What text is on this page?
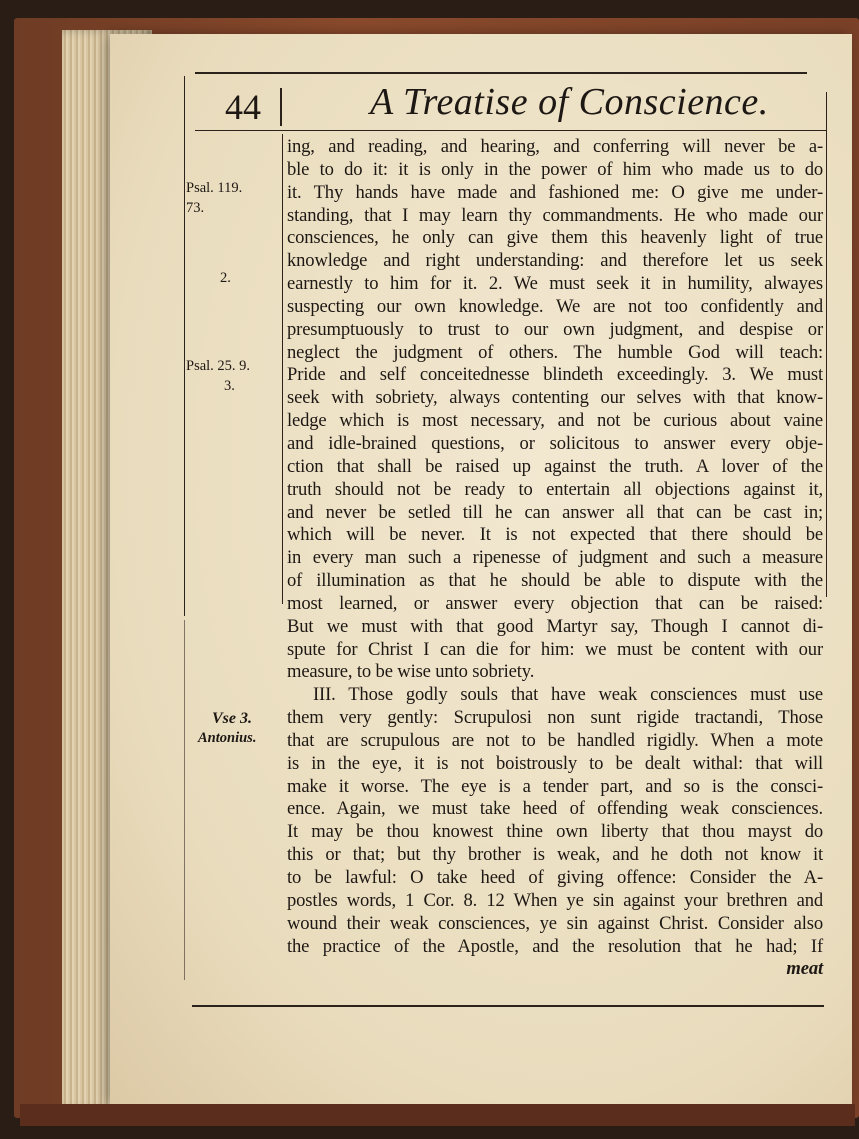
44	A Treatise of Conscience.
Psal. 119.
73.
2.
Psal. 25. 9.
3.
Vse 3.
Antonius.
ing, and reading, and hearing, and conferring will never be a-
ble to do it: it is only in the power of him who made us to do
it. Thy hands have made and fashioned me: O give me under-
standing, that I may learn thy commandments. He who made our
consciences, he only can give them this heavenly light of true
knowledge and right understanding: and therefore let us seek
earnestly to him for it. 2. We must seek it in humility, alwayes
suspecting our own knowledge. We are not too confidently and
presumptuously to trust to our own judgment, and despise or
neglect the judgment of others. The humble God will teach:
Pride and self conceitednesse blindeth exceedingly. 3. We must
seek with sobriety, always contenting our selves with that know-
ledge which is most necessary, and not be curious about vaine
and idle-brained questions, or solicitous to answer every obje-
ction that shall be raised up against the truth. A lover of the
truth should not be ready to entertain all objections against it,
and never be setled till he can answer all that can be cast in;
which will be never. It is not expected that there should be
in every man such a ripenesse of judgment and such a measure
of illumination as that he should be able to dispute with the
most learned, or answer every objection that can be raised:
But we must with that good Martyr say, Though I cannot di-
spute for Christ I can die for him: we must be content with our
measure, to be wise unto sobriety.
III. Those godly souls that have weak consciences must use
them very gently: Scrupulosi non sunt rigide tractandi, Those
that are scrupulous are not to be handled rigidly. When a mote
is in the eye, it is not boistrously to be dealt withal: that will
make it worse. The eye is a tender part, and so is the consci-
ence. Again, we must take heed of offending weak consciences.
It may be thou knowest thine own liberty that thou mayst do
this or that; but thy brother is weak, and he doth not know it
to be lawful: O take heed of giving offence: Consider the A-
postles words, 1 Cor. 8. 12 When ye sin against your brethren and
wound their weak consciences, ye sin against Christ. Consider also
the practice of the Apostle, and the resolution that he had; If
meat
